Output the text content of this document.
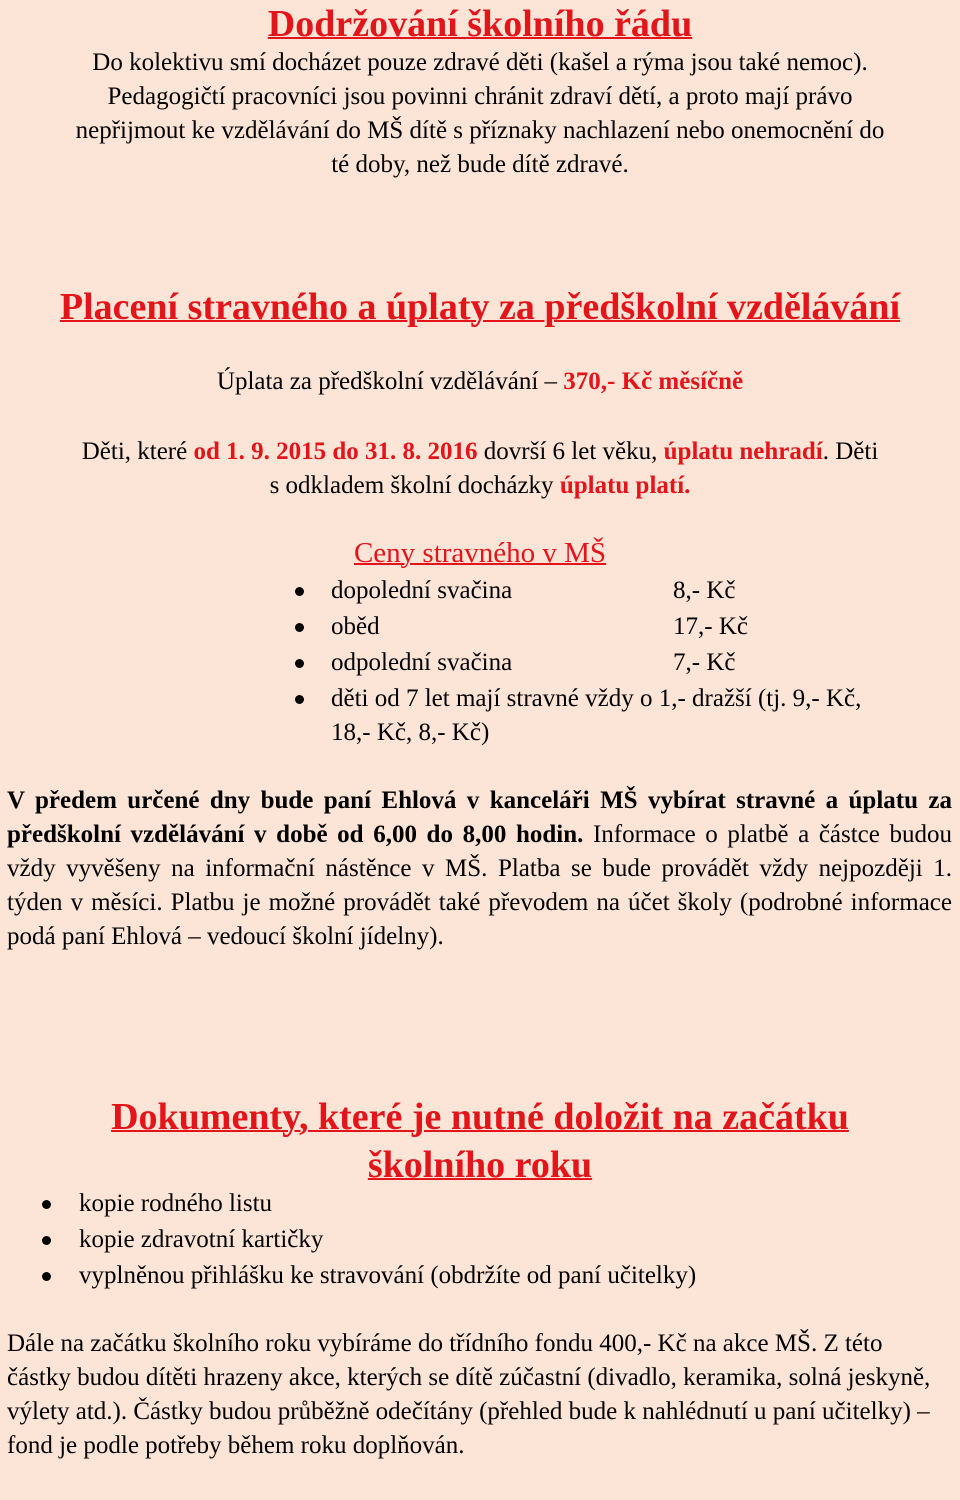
Dodržování školního řádu
Do kolektivu smí docházet pouze zdravé děti (kašel a rýma jsou také nemoc).
Pedagogičtí pracovníci jsou povinni chránit zdraví dětí, a proto mají právo
nepřijmout ke vzdělávání do MŠ dítě s příznaky nachlazení nebo onemocnění do
té doby, než bude dítě zdravé.
Placení stravného a úplaty za předškolní vzdělávání
Úplata za předškolní vzdělávání – 370,- Kč měsíčně
Děti, které od 1. 9. 2015 do 31. 8. 2016 dovrší 6 let věku, úplatu nehradí. Děti
s odkladem školní docházky úplatu platí.
Ceny stravného v MŠ
dopolední svačina	8,- Kč
oběd	17,- Kč
odpolední svačina	7,- Kč
děti od 7 let mají stravné vždy o 1,- dražší (tj. 9,- Kč,
18,- Kč, 8,- Kč)
V předem určené dny bude paní Ehlová v kanceláři MŠ vybírat stravné a úplatu za předškolní vzdělávání v době od 6,00 do 8,00 hodin. Informace o platbě a částce budou vždy vyvěšeny na informační nástěnce v MŠ. Platba se bude provádět vždy nejpozději 1. týden v měsíci. Platbu je možné provádět také převodem na účet školy (podrobné informace podá paní Ehlová – vedoucí školní jídelny).
Dokumenty, které je nutné doložit na začátku
školního roku
kopie rodného listu
kopie zdravotní kartičky
vyplněnou přihlášku ke stravování (obdržíte od paní učitelky)
Dále na začátku školního roku vybíráme do třídního fondu 400,- Kč na akce MŠ. Z této částky budou dítěti hrazeny akce, kterých se dítě zúčastní (divadlo, keramika, solná jeskyně, výlety atd.). Částky budou průběžně odečítány (přehled bude k nahlédnutí u paní učitelky) – fond je podle potřeby během roku doplňován.
